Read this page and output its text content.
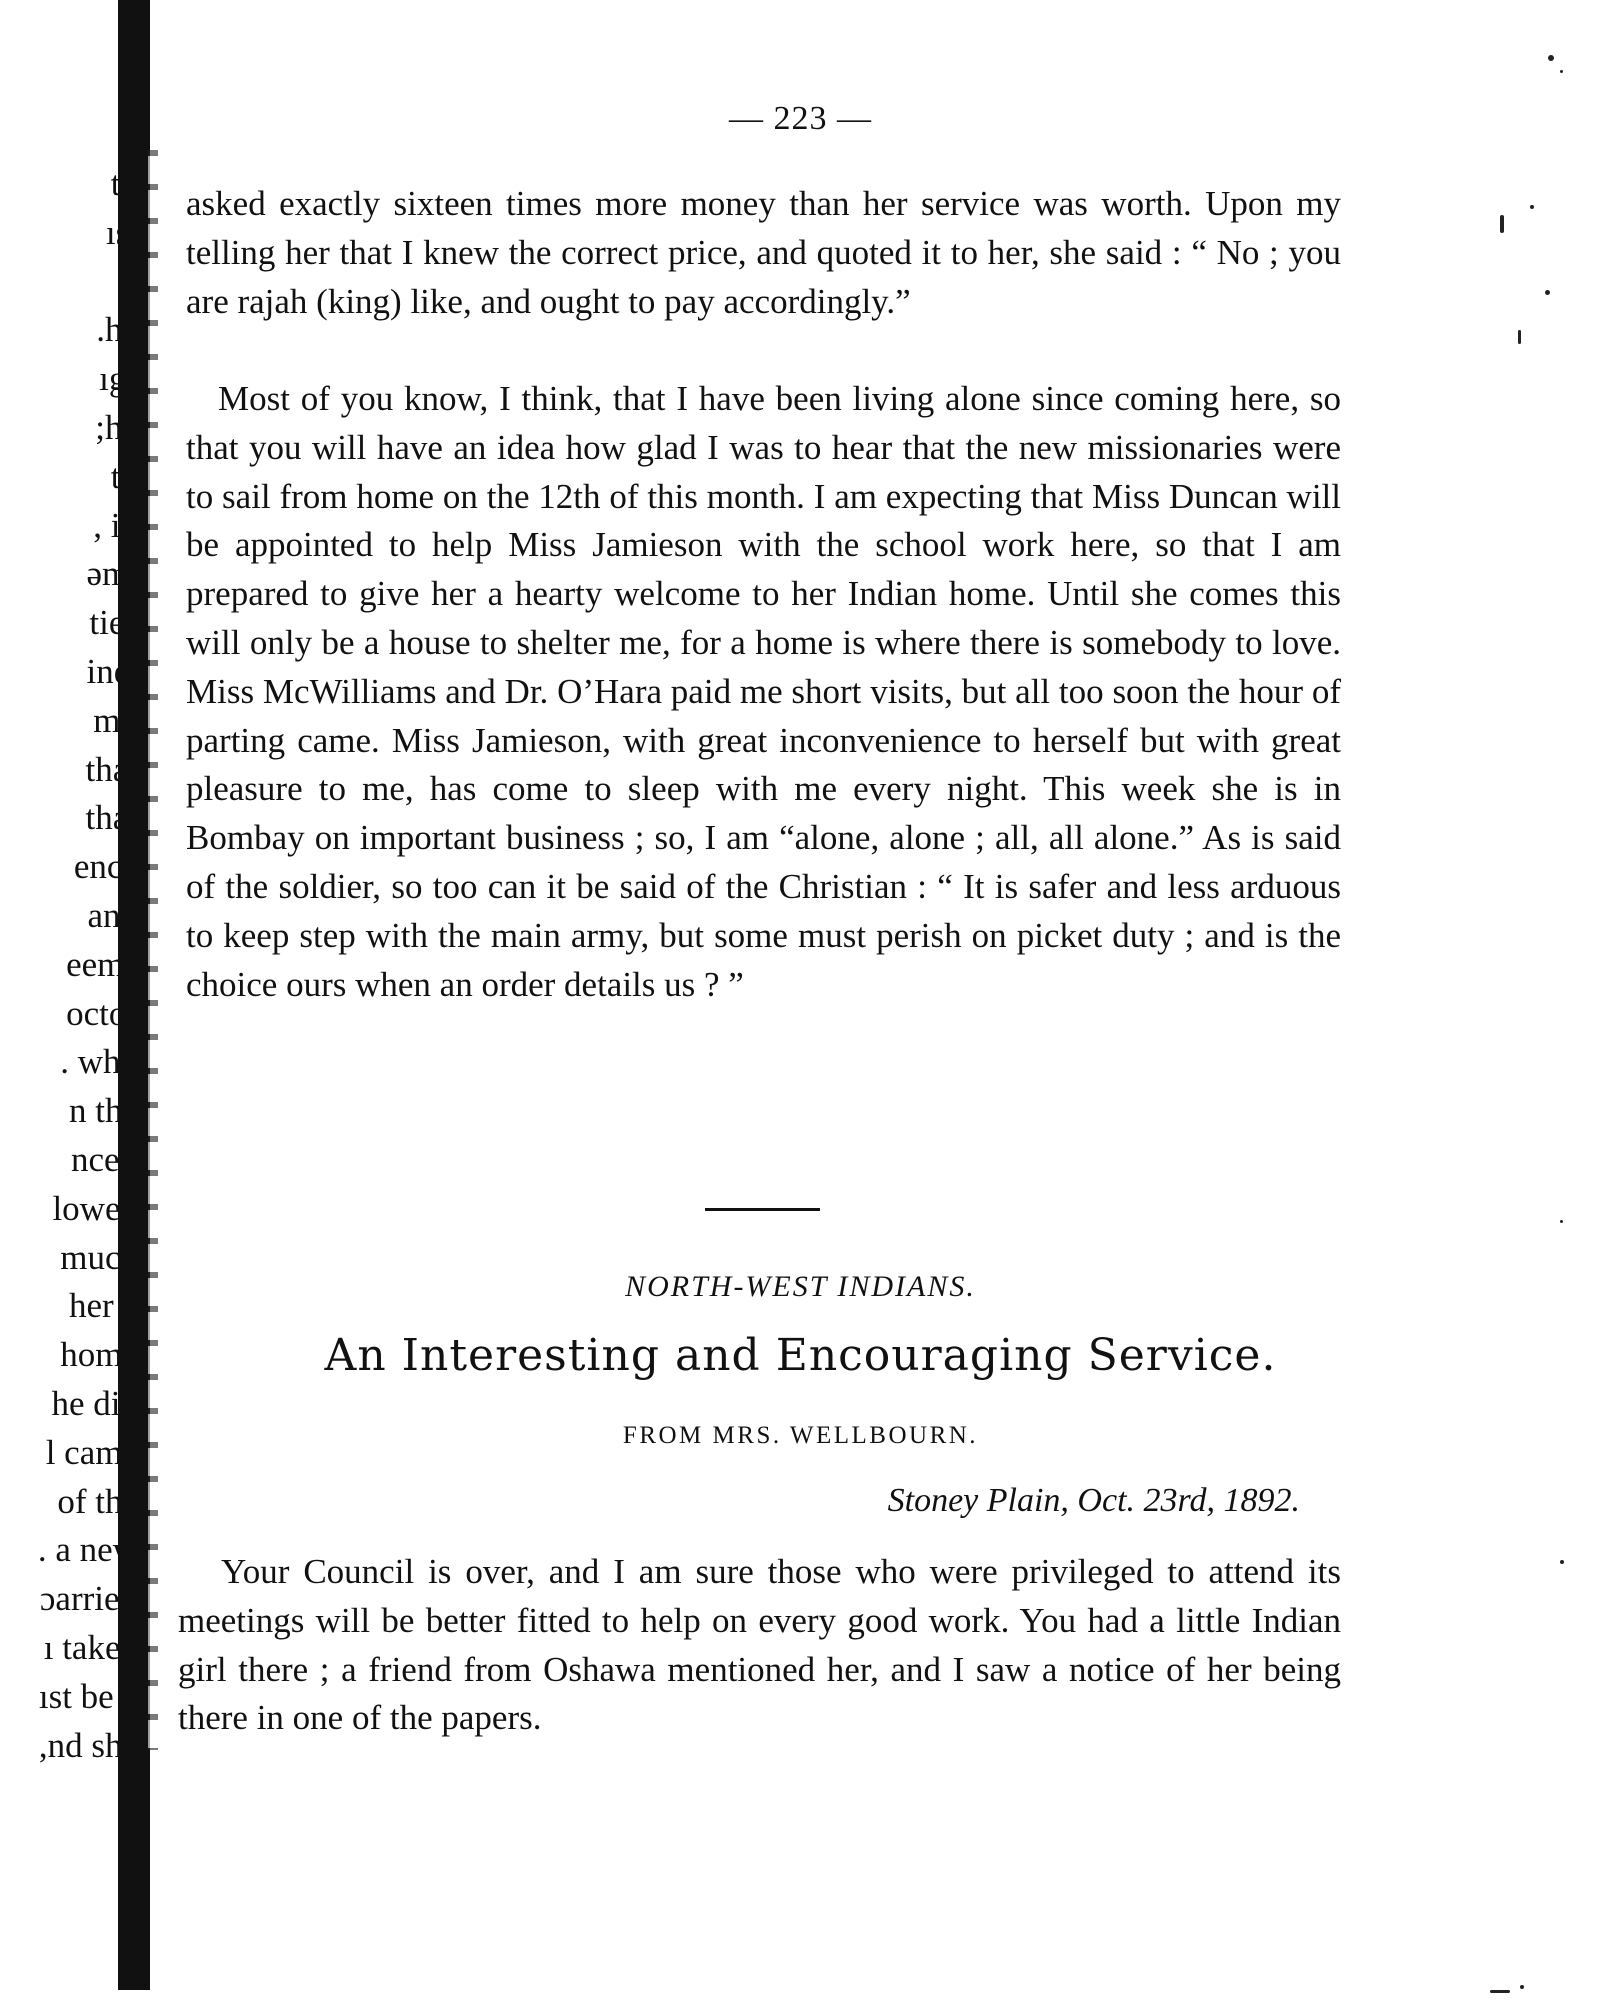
to
ıs,

.he
ıg-
;he
to
, in
əm.
ties
ine.
my
that
that
ence
and
eems
octor
. who
n the
nce i
lowed
much
her a
home
he did
l came
of the
. a new
ɔarrier.
ı taken
ıst be a
,nd she
— 223 —
asked exactly sixteen times more money than her service was worth. Upon my telling her that I knew the correct price, and quoted it to her, she said : “ No ; you are rajah (king) like, and ought to pay accordingly.”
Most of you know, I think, that I have been living alone since coming here, so that you will have an idea how glad I was to hear that the new missionaries were to sail from home on the 12th of this month. I am expecting that Miss Duncan will be appointed to help Miss Jamieson with the school work here, so that I am prepared to give her a hearty welcome to her Indian home. Until she comes this will only be a house to shelter me, for a home is where there is somebody to love. Miss McWilliams and Dr. O’Hara paid me short visits, but all too soon the hour of parting came. Miss Jamieson, with great inconvenience to herself but with great pleasure to me, has come to sleep with me every night. This week she is in Bombay on important business ; so, I am “alone, alone ; all, all alone.” As is said of the soldier, so too can it be said of the Christian : “ It is safer and less arduous to keep step with the main army, but some must perish on picket duty ; and is the choice ours when an order details us ? ”
NORTH-WEST INDIANS.
An Interesting and Encouraging Service.
FROM MRS. WELLBOURN.
Stoney Plain, Oct. 23rd, 1892.
Your Council is over, and I am sure those who were privileged to attend its meetings will be better fitted to help on every good work. You had a little Indian girl there ; a friend from Oshawa mentioned her, and I saw a notice of her being there in one of the papers.
